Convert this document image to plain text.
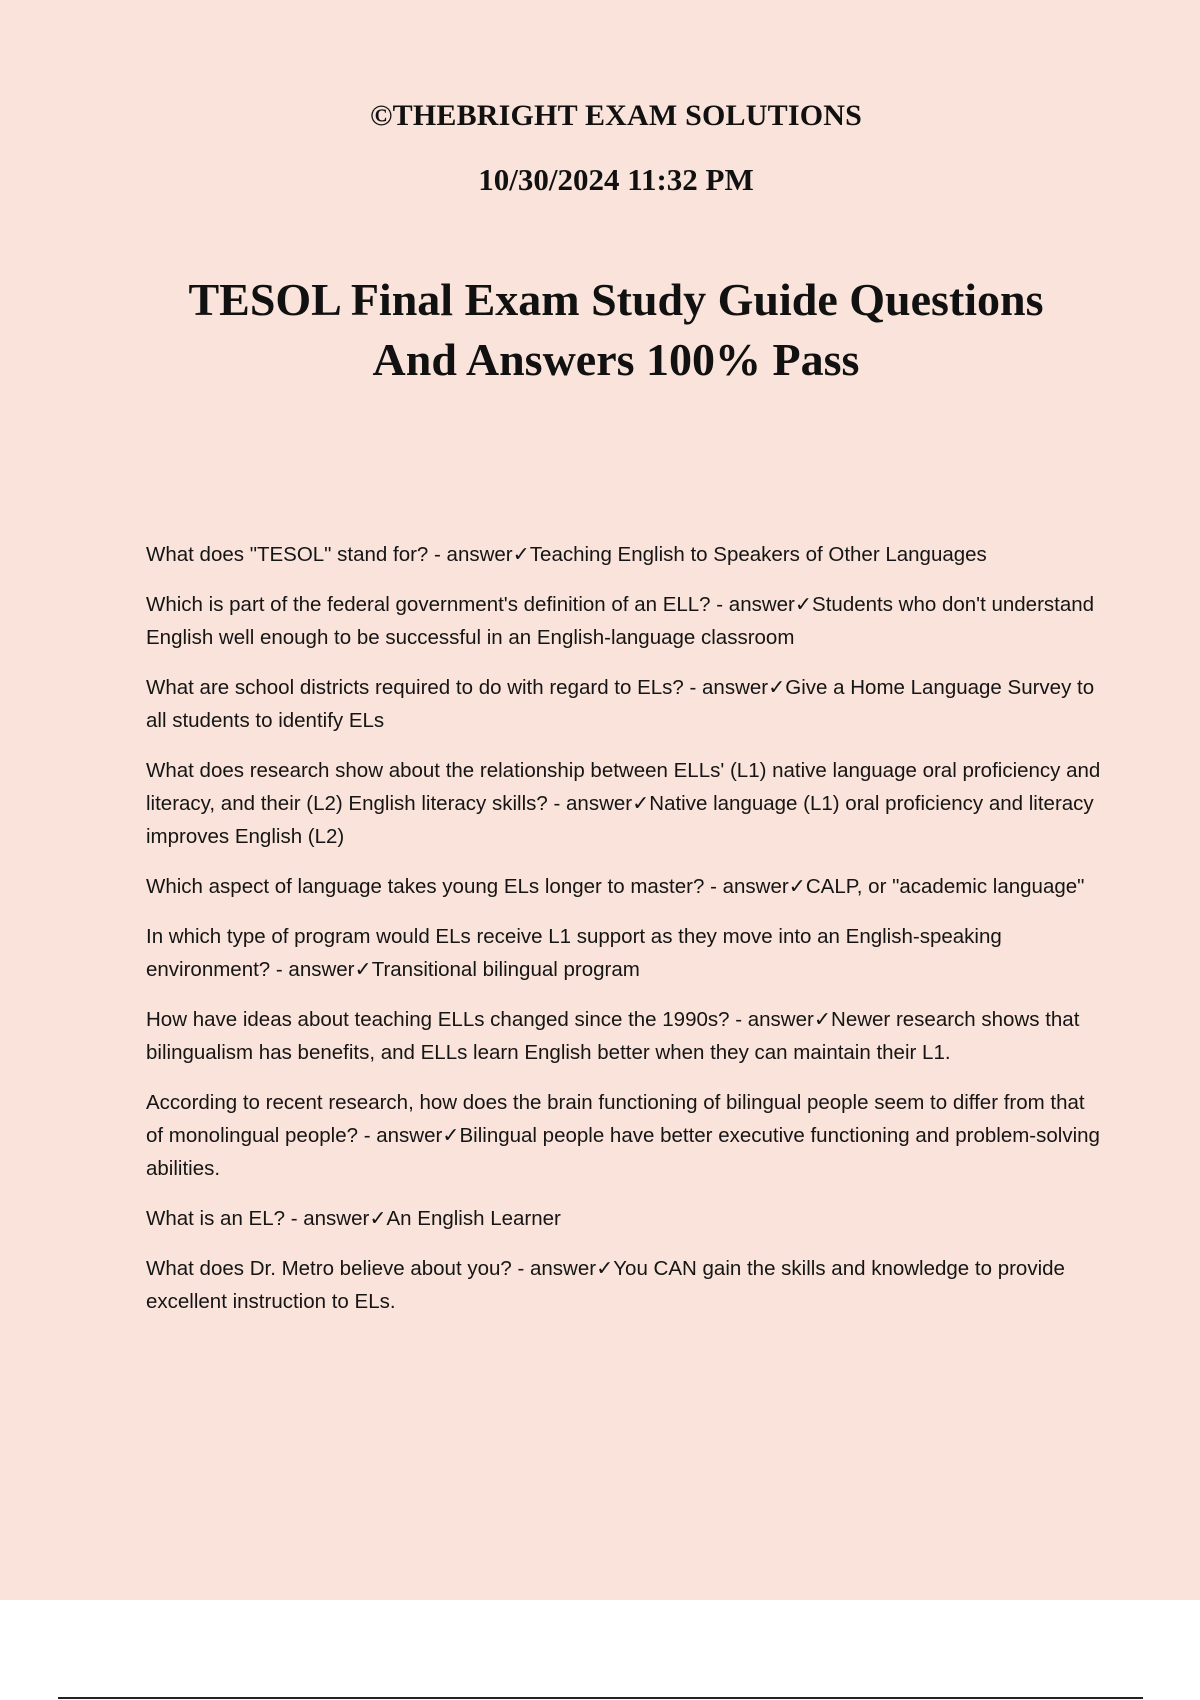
©THEBRIGHT EXAM SOLUTIONS
10/30/2024 11:32 PM
TESOL Final Exam Study Guide Questions
And Answers 100% Pass
What does "TESOL" stand for? - answer✓Teaching English to Speakers of Other Languages
Which is part of the federal government's definition of an ELL? - answer✓Students who don't understand English well enough to be successful in an English-language classroom
What are school districts required to do with regard to ELs? - answer✓Give a Home Language Survey to all students to identify ELs
What does research show about the relationship between ELLs' (L1) native language oral proficiency and literacy, and their (L2) English literacy skills? - answer✓Native language (L1) oral proficiency and literacy improves English (L2)
Which aspect of language takes young ELs longer to master? - answer✓CALP, or "academic language"
In which type of program would ELs receive L1 support as they move into an English-speaking environment? - answer✓Transitional bilingual program
How have ideas about teaching ELLs changed since the 1990s? - answer✓Newer research shows that bilingualism has benefits, and ELLs learn English better when they can maintain their L1.
According to recent research, how does the brain functioning of bilingual people seem to differ from that of monolingual people? - answer✓Bilingual people have better executive functioning and problem-solving abilities.
What is an EL? - answer✓An English Learner
What does Dr. Metro believe about you? - answer✓You CAN gain the skills and knowledge to provide excellent instruction to ELs.
